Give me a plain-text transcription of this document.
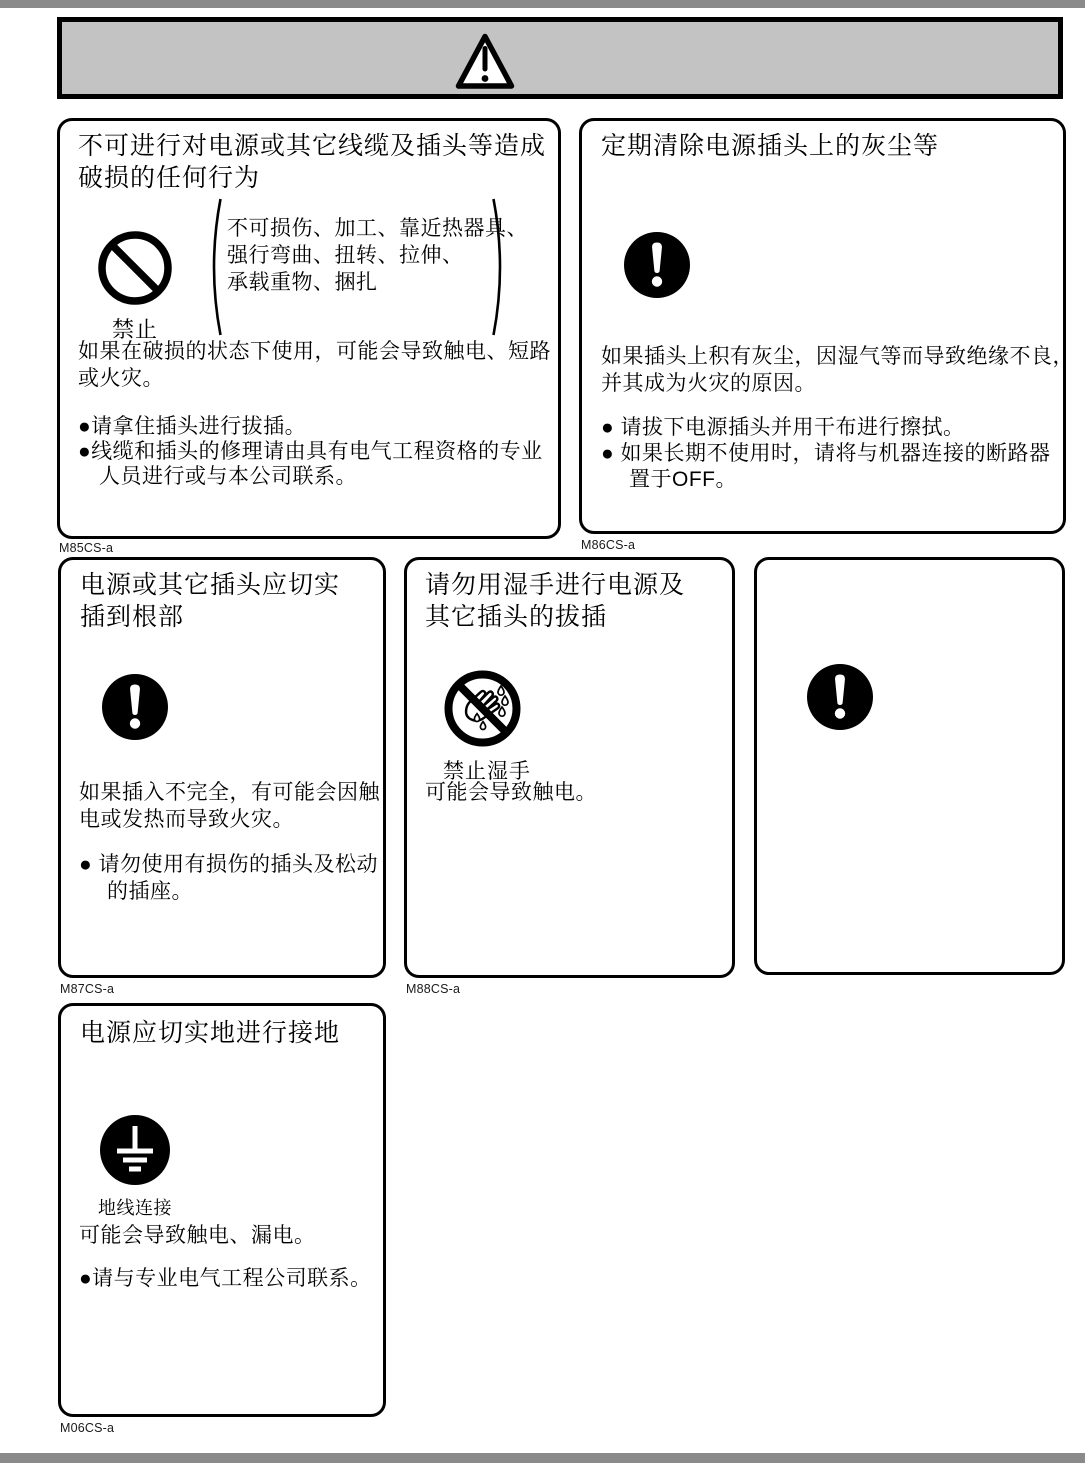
不可进行对电源或其它线缆及插头等造成
破损的任何行为
禁止
不可损伤、加工、靠近热器具、
强行弯曲、扭转、拉伸、
承载重物、捆扎
如果在破损的状态下使用，可能会导致触电、短路
或火灾。
●请拿住插头进行拔插。
●线缆和插头的修理请由具有电气工程资格的专业
人员进行或与本公司联系。
M85CS-a
定期清除电源插头上的灰尘等
如果插头上积有灰尘，因湿气等而导致绝缘不良，
并其成为火灾的原因。
● 请拔下电源插头并用干布进行擦拭。
● 如果长期不使用时，请将与机器连接的断路器
置于OFF。
M86CS-a
电源或其它插头应切实
插到根部
如果插入不完全，有可能会因触
电或发热而导致火灾。
● 请勿使用有损伤的插头及松动
的插座。
M87CS-a
请勿用湿手进行电源及
其它插头的拔插
禁止湿手
可能会导致触电。
M88CS-a
电源应切实地进行接地
地线连接
可能会导致触电、漏电。
●请与专业电气工程公司联系。
M06CS-a
